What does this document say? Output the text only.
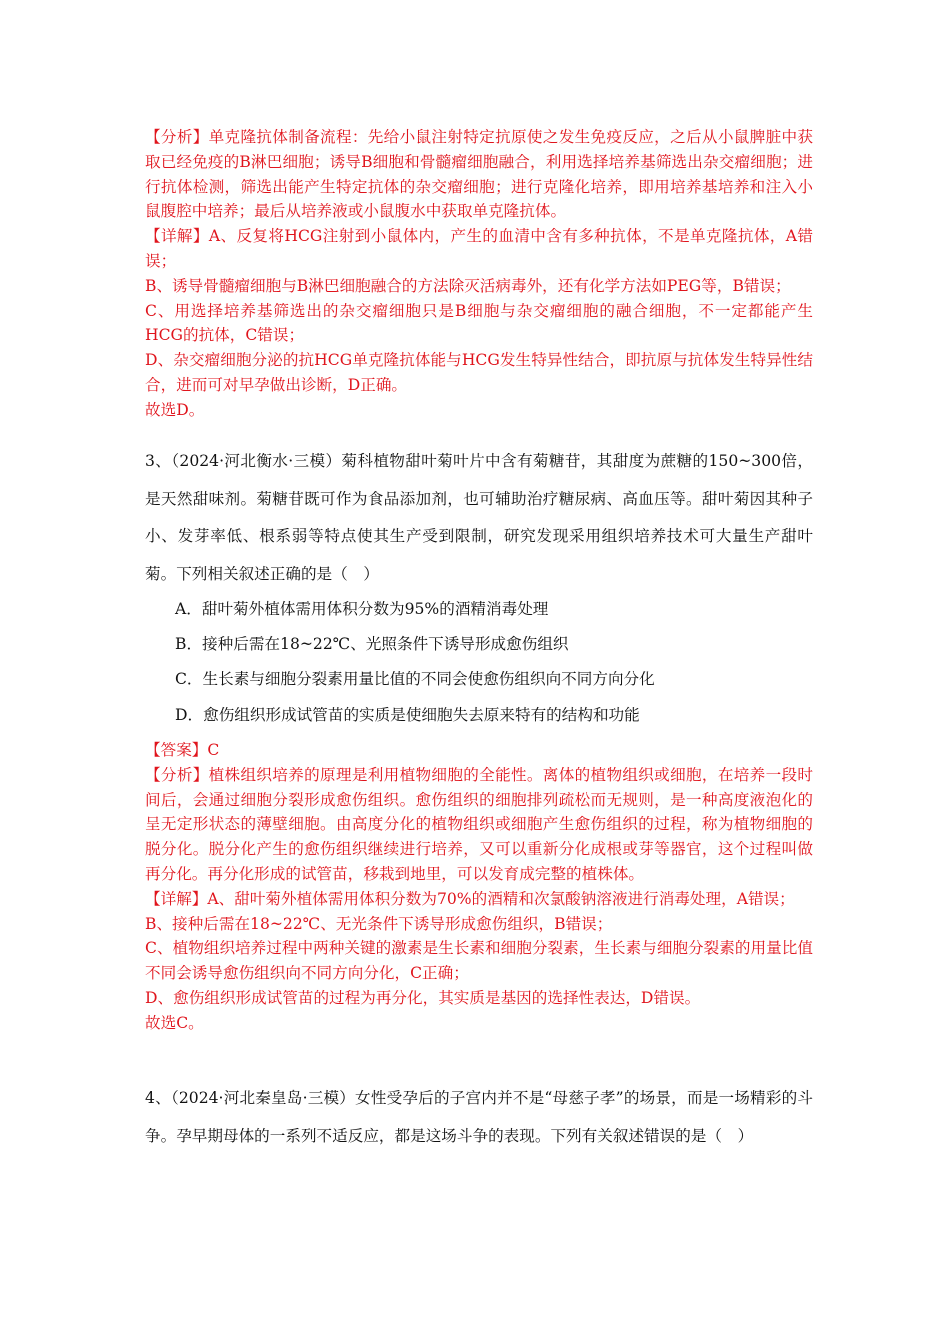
【分析】单克隆抗体制备流程：先给小鼠注射特定抗原使之发生免疫反应，之后从小鼠脾脏中获取已经免疫的B淋巴细胞；诱导B细胞和骨髓瘤细胞融合，利用选择培养基筛选出杂交瘤细胞；进行抗体检测，筛选出能产生特定抗体的杂交瘤细胞；进行克隆化培养，即用培养基培养和注入小鼠腹腔中培养；最后从培养液或小鼠腹水中获取单克隆抗体。

【详解】A、反复将HCG注射到小鼠体内，产生的血清中含有多种抗体，不是单克隆抗体，A错误；

B、诱导骨髓瘤细胞与B淋巴细胞融合的方法除灭活病毒外，还有化学方法如PEG等，B错误；

C、用选择培养基筛选出的杂交瘤细胞只是B细胞与杂交瘤细胞的融合细胞，不一定都能产生HCG的抗体，C错误；

D、杂交瘤细胞分泌的抗HCG单克隆抗体能与HCG发生特异性结合，即抗原与抗体发生特异性结合，进而可对早孕做出诊断，D正确。

故选D。

3、（2024·河北衡水·三模）菊科植物甜叶菊叶片中含有菊糖苷，其甜度为蔗糖的150~300倍，是天然甜味剂。菊糖苷既可作为食品添加剂，也可辅助治疗糖尿病、高血压等。甜叶菊因其种子小、发芽率低、根系弱等特点使其生产受到限制，研究发现采用组织培养技术可大量生产甜叶菊。下列相关叙述正确的是（　）

A．甜叶菊外植体需用体积分数为95%的酒精消毒处理
B．接种后需在18~22℃、光照条件下诱导形成愈伤组织
C．生长素与细胞分裂素用量比值的不同会使愈伤组织向不同方向分化
D．愈伤组织形成试管苗的实质是使细胞失去原来特有的结构和功能

【答案】C

【分析】植株组织培养的原理是利用植物细胞的全能性。离体的植物组织或细胞，在培养一段时间后，会通过细胞分裂形成愈伤组织。愈伤组织的细胞排列疏松而无规则，是一种高度液泡化的呈无定形状态的薄壁细胞。由高度分化的植物组织或细胞产生愈伤组织的过程，称为植物细胞的脱分化。脱分化产生的愈伤组织继续进行培养，又可以重新分化成根或芽等器官，这个过程叫做再分化。再分化形成的试管苗，移栽到地里，可以发育成完整的植株体。

【详解】A、甜叶菊外植体需用体积分数为70%的酒精和次氯酸钠溶液进行消毒处理，A错误；

B、接种后需在18~22℃、无光条件下诱导形成愈伤组织，B错误；

C、植物组织培养过程中两种关键的激素是生长素和细胞分裂素，生长素与细胞分裂素的用量比值不同会诱导愈伤组织向不同方向分化，C正确；

D、愈伤组织形成试管苗的过程为再分化，其实质是基因的选择性表达，D错误。

故选C。

4、（2024·河北秦皇岛·三模）女性受孕后的子宫内并不是“母慈子孝”的场景，而是一场精彩的斗争。孕早期母体的一系列不适反应，都是这场斗争的表现。下列有关叙述错误的是（　）
